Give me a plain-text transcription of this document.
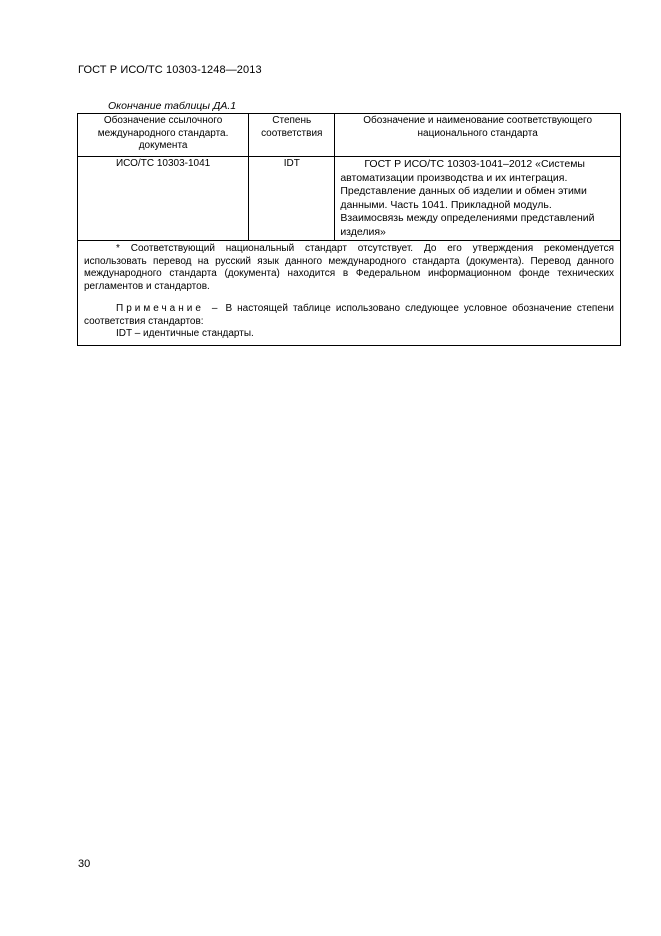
ГОСТ Р ИСО/ТС 10303-1248—2013
Окончание таблицы ДА.1
Обозначение ссылочного международного стандарта. документа	Степень соответствия	Обозначение и наименование соответствующего национального стандарта
ИСО/ТС 10303-1041	IDT	ГОСТ Р ИСО/ТС 10303-1041–2012 «Системы автоматизации производства и их интеграция. Представление данных об изделии и обмен этими данными. Часть 1041. Прикладной модуль. Взаимосвязь между определениями представлений изделия»

* Соответствующий национальный стандарт отсутствует. До его утверждения рекомендуется использовать перевод на русский язык данного международного стандарта (документа). Перевод данного международного стандарта (документа) находится в Федеральном информационном фонде технических регламентов и стандартов.

Примечание – В настоящей таблице использовано следующее условное обозначение степени соответствия стандартов:

IDT – идентичные стандарты.		

30
